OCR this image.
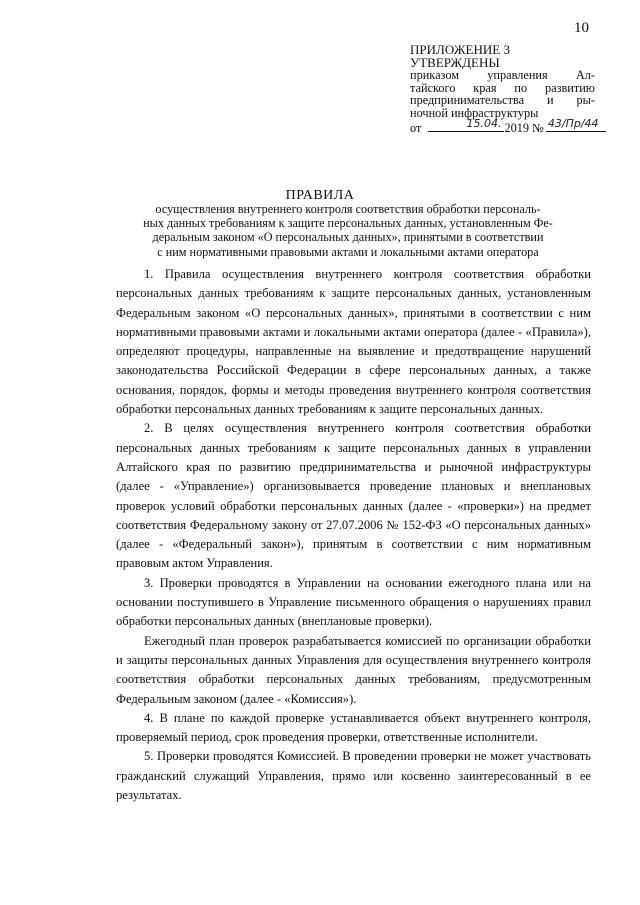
10
ПРИЛОЖЕНИЕ 3
УТВЕРЖДЕНЫ
приказом управления Ал-
тайского края по развитию
предпринимательства и ры-
ночной инфраструктуры
от	15.04. 2019 № 43/Пр/44
ПРАВИЛА
осуществления внутреннего контроля соответствия обработки персональ-
ных данных требованиям к защите персональных данных, установленным Фе-
деральным законом «О персональных данных», принятыми в соответствии
с ним нормативными правовыми актами и локальными актами оператора

1. Правила осуществления внутреннего контроля соответствия обработки персональных данных требованиям к защите персональных данных, установленным Федеральным законом «О персональных данных», принятыми в соответствии с ним нормативными правовыми актами и локальными актами оператора (далее - «Правила»), определяют процедуры, направленные на выявление и предотвращение нарушений законодательства Российской Федерации в сфере персональных данных, а также основания, порядок, формы и методы проведения внутреннего контроля соответствия обработки персональных данных требованиям к защите персональных данных.

2. В целях осуществления внутреннего контроля соответствия обработки персональных данных требованиям к защите персональных данных в управлении Алтайского края по развитию предпринимательства и рыночной инфраструктуры (далее - «Управление») организовывается проведение плановых и внеплановых проверок условий обработки персональных данных (далее - «проверки») на предмет соответствия Федеральному закону от 27.07.2006 № 152-ФЗ «О персональных данных» (далее - «Федеральный закон»), принятым в соответствии с ним нормативным правовым актом Управления.

3. Проверки проводятся в Управлении на основании ежегодного плана или на основании поступившего в Управление письменного обращения о нарушениях правил обработки персональных данных (внеплановые проверки).

Ежегодный план проверок разрабатывается комиссией по организации обработки и защиты персональных данных Управления для осуществления внутреннего контроля соответствия обработки персональных данных требованиям, предусмотренным Федеральным законом (далее - «Комиссия»).

4. В плане по каждой проверке устанавливается объект внутреннего контроля, проверяемый период, срок проведения проверки, ответственные исполнители.

5. Проверки проводятся Комиссией. В проведении проверки не может участвовать гражданский служащий Управления, прямо или косвенно заинтересованный в ее результатах.
